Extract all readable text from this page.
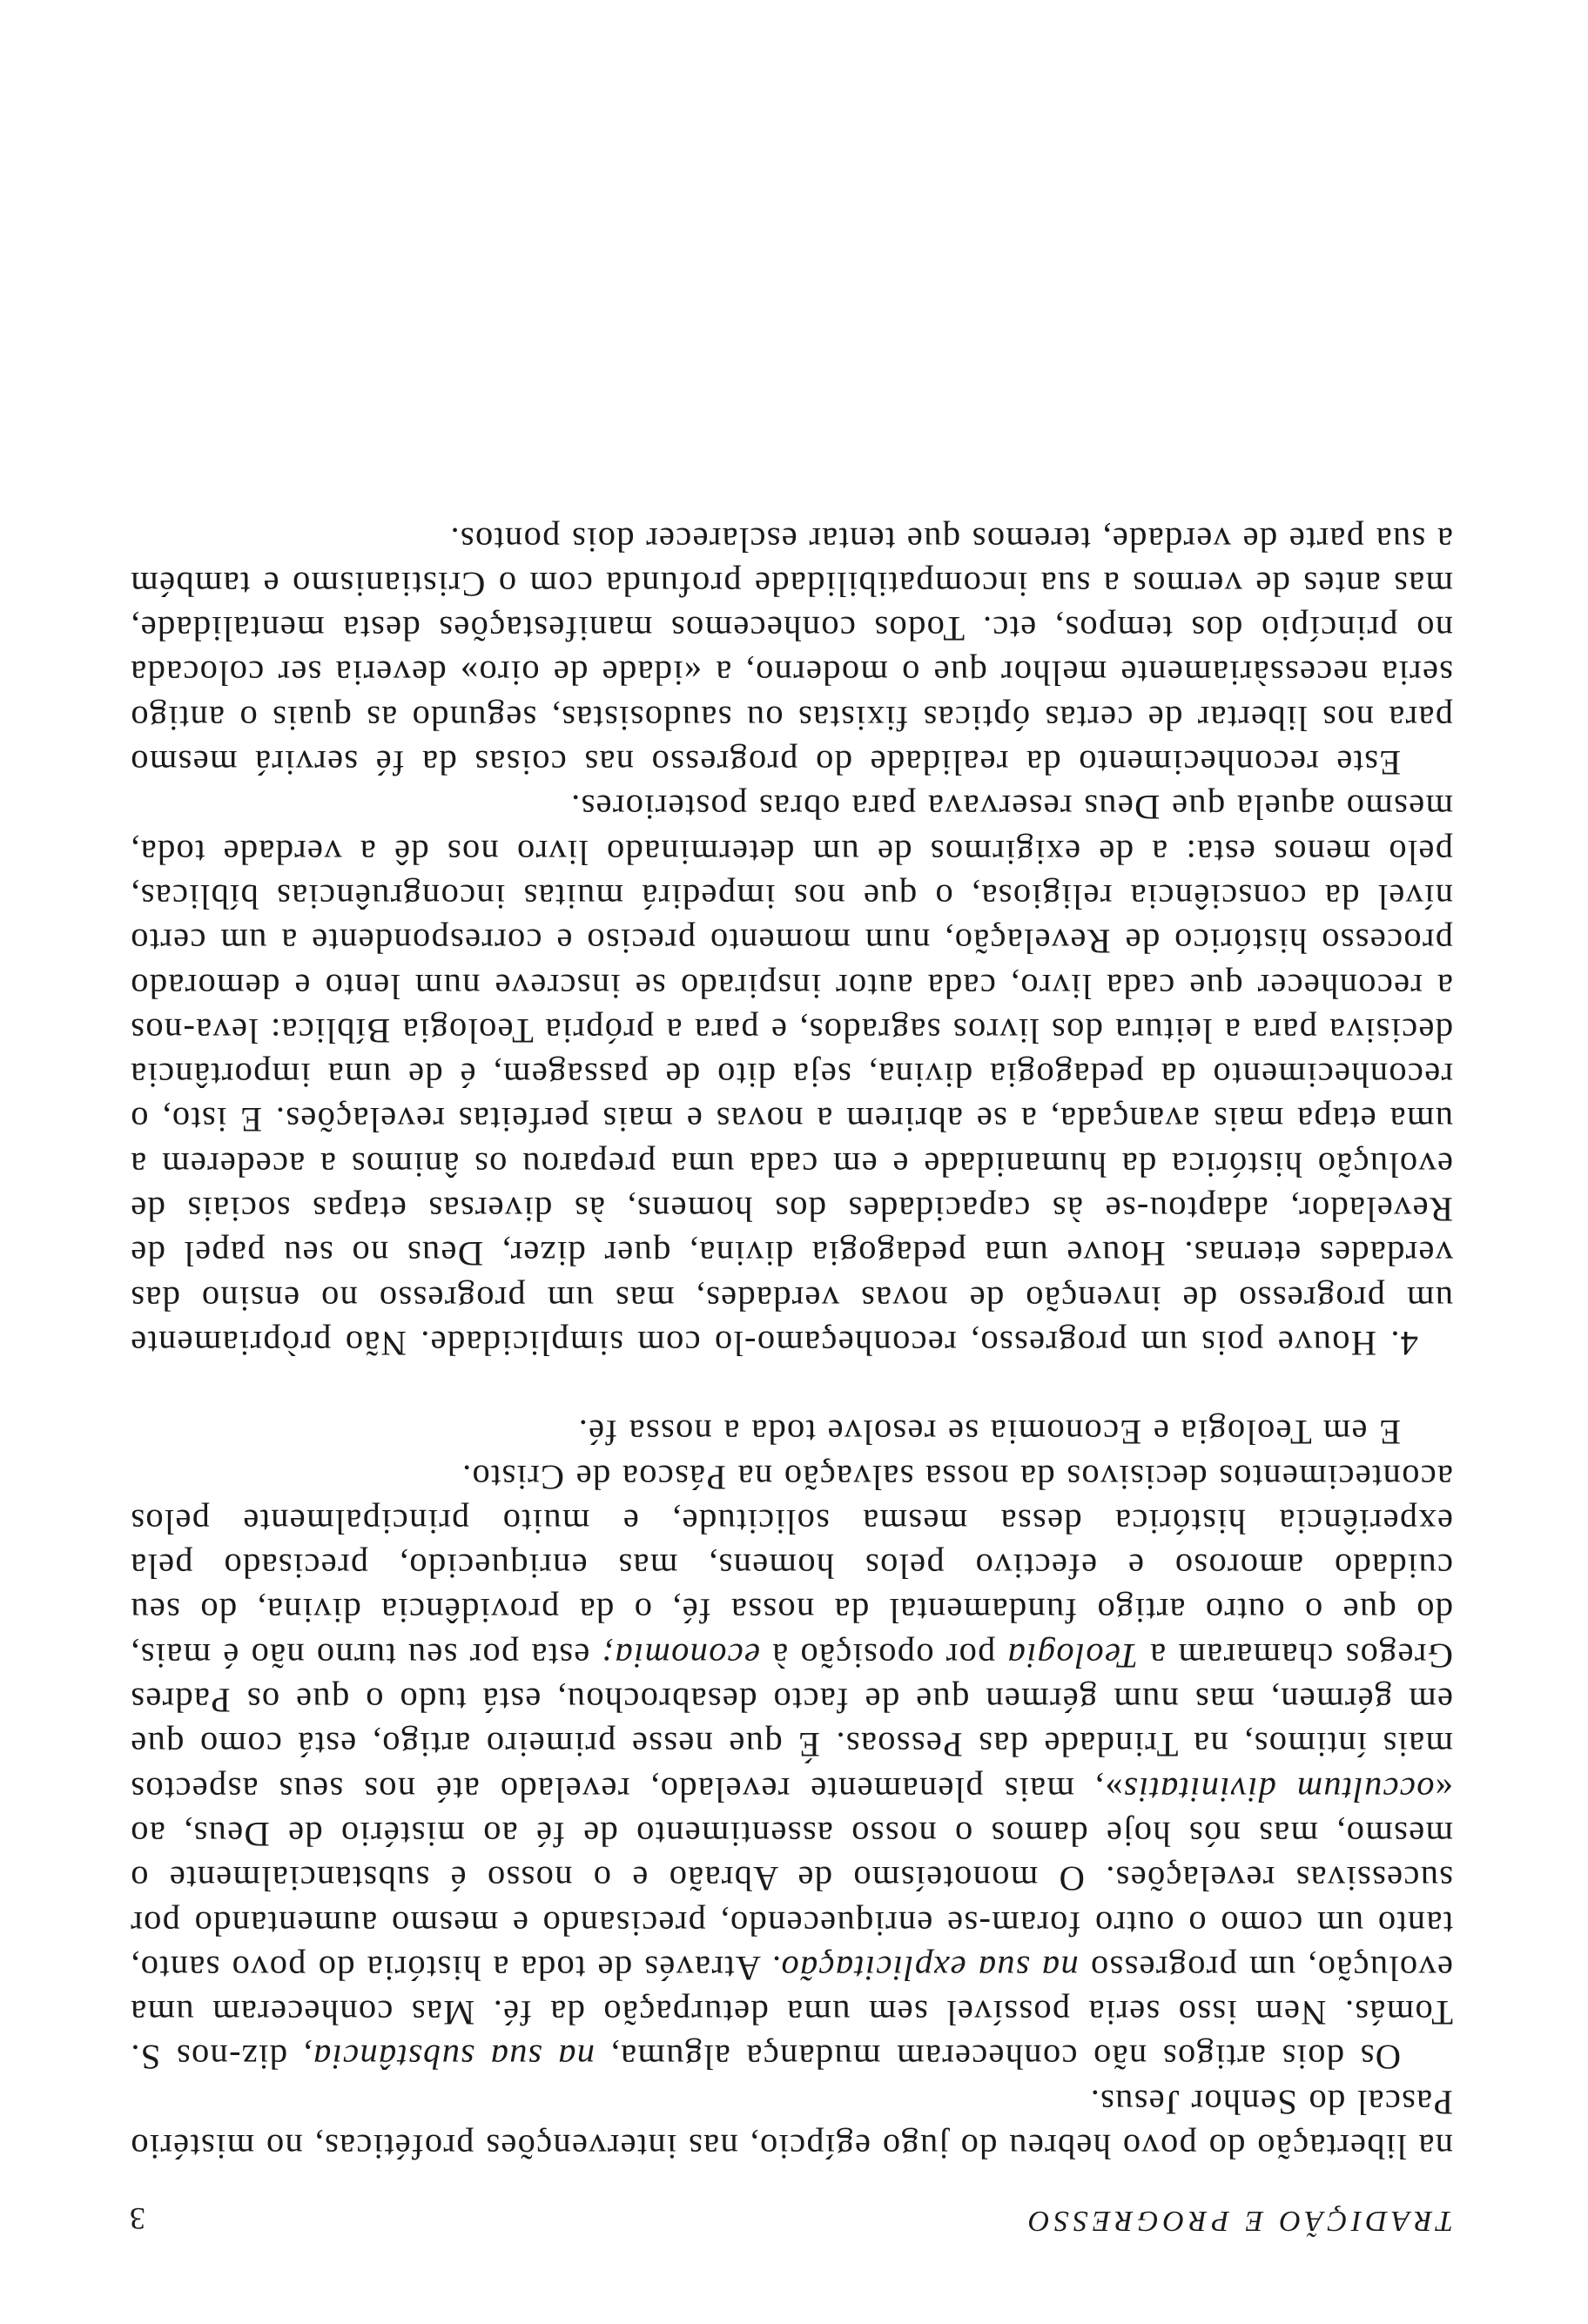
TRADIÇÃO E PROGRESSO
3

na libertação do povo hebreu do jugo egípcio, nas intervenções proféticas, no mistério Pascal do Senhor Jesus.

Os dois artigos não conheceram mudança alguma, na sua substância, diz-nos S. Tomás. Nem isso seria possível sem uma deturpação da fé. Mas conheceram uma evolução, um progresso na sua explicitação. Através de toda a história do povo santo, tanto um como o outro foram-se enriquecendo, precisando e mesmo aumentando por sucessivas revelações. O monoteísmo de Abraão e o nosso é substancialmente o mesmo, mas nós hoje damos o nosso assentimento de fé ao mistério de Deus, ao «occultum divinitatis», mais plenamente revelado, revelado até nos seus aspectos mais íntimos, na Trindade das Pessoas. É que nesse primeiro artigo, está como que em gérmen, mas num gérmen que de facto desabrochou, está tudo o que os Padres Gregos chamaram a Teologia por oposição à economia; esta por seu turno não é mais, do que o outro artigo fundamental da nossa fé, o da providência divina, do seu cuidado amoroso e efectivo pelos homens, mas enriquecido, precisado pela experiência histórica dessa mesma solicitude, e muito principalmente pelos acontecimentos decisivos da nossa salvação na Páscoa de Cristo.

E em Teologia e Economia se resolve toda a nossa fé.

4. Houve pois um progresso, reconheçamo-lo com simplicidade. Não pròpriamente um progresso de invenção de novas verdades, mas um progresso no ensino das verdades eternas. Houve uma pedagogia divina, quer dizer, Deus no seu papel de Revelador, adaptou-se às capacidades dos homens, às diversas etapas sociais de evolução histórica da humanidade e em cada uma preparou os ânimos a acederem a uma etapa mais avançada, a se abrirem a novas e mais perfeitas revelações. E isto, o reconhecimento da pedagogia divina, seja dito de passagem, é de uma importância decisiva para a leitura dos livros sagrados, e para a própria Teologia Bíblica: leva-nos a reconhecer que cada livro, cada autor inspirado se inscreve num lento e demorado processo histórico de Revelação, num momento preciso e correspondente a um certo nível da consciência religiosa, o que nos impedirá muitas incongruências bíblicas, pelo menos esta: a de exigirmos de um determinado livro nos dê a verdade toda, mesmo aquela que Deus reservava para obras posteriores.

Este reconhecimento da realidade do progresso nas coisas da fé servirá mesmo para nos libertar de certas ópticas fixistas ou saudosistas, segundo as quais o antigo seria necessàriamente melhor que o moderno, a «idade de oiro» deveria ser colocada no princípio dos tempos, etc. Todos conhecemos manifestações desta mentalidade, mas antes de vermos a sua incompatibilidade profunda com o Cristianismo e também a sua parte de verdade, teremos que tentar esclarecer dois pontos.
